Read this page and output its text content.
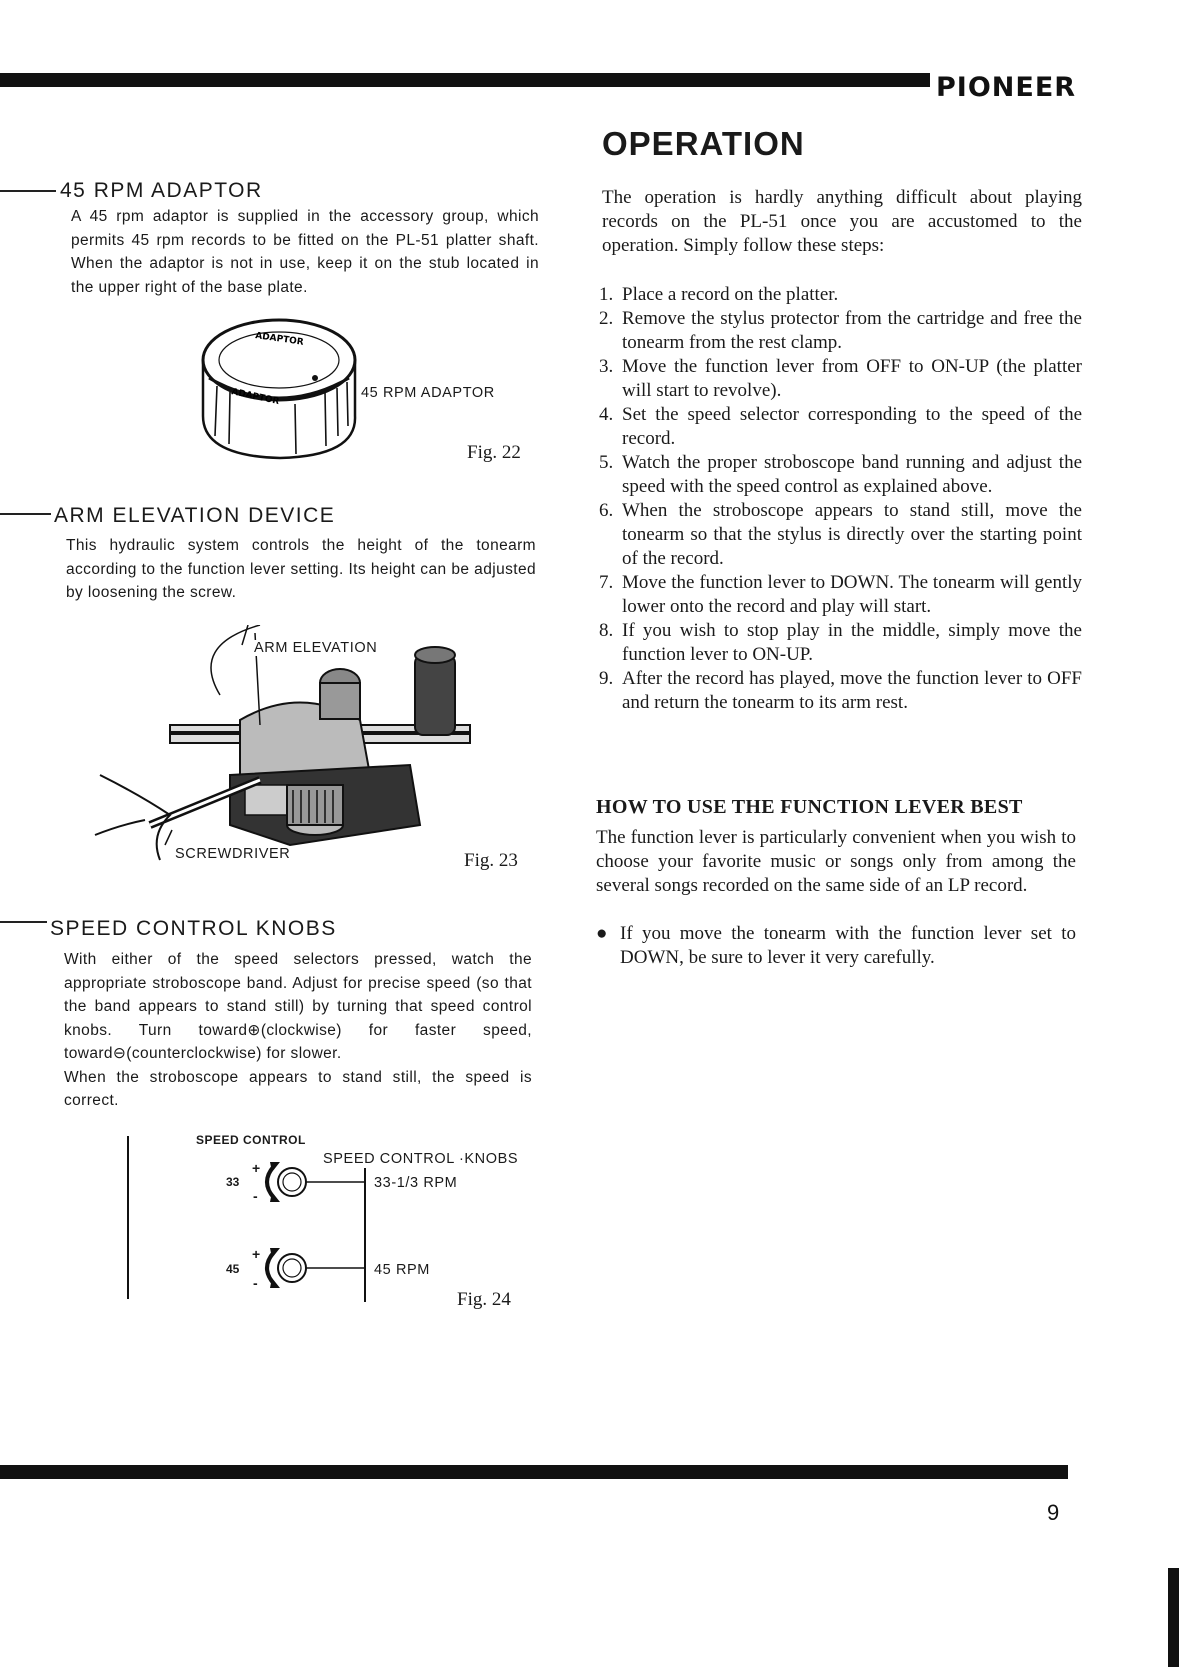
PIONEER
45 RPM ADAPTOR

A 45 rpm adaptor is supplied in the accessory group, which permits 45 rpm records to be fitted on the PL-51 platter shaft. When the adaptor is not in use, keep it on the stub located in the upper right of the base plate.

ADAPTOR
ADAPTOR	45 RPM ADAPTOR
Fig. 22
ARM ELEVATION DEVICE

This hydraulic system controls the height of the tonearm according to the function lever setting. Its height can be adjusted by loosening the screw.

ARM ELEVATION
SCREWDRIVER	Fig. 23
SPEED CONTROL KNOBS

With either of the speed selectors pressed, watch the appropriate stroboscope band. Adjust for precise speed (so that the band appears to stand still) by turning that speed control knobs. Turn toward⊕(clockwise) for faster speed, toward⊖(counterclockwise) for slower.

When the stroboscope appears to stand still, the speed is correct.

SPEED CONTROL
SPEED CONTROL ·KNOBS
33
+
-
33-1/3 RPM
45
+
-
45 RPM
Fig. 24
OPERATION

The operation is hardly anything difficult about playing records on the PL-51 once you are accustomed to the operation. Simply follow these steps:

1. Place a record on the platter.
2. Remove the stylus protector from the cartridge and free the tonearm from the rest clamp.
3. Move the function lever from OFF to ON-UP (the platter will start to revolve).
4. Set the speed selector corresponding to the speed of the record.
5. Watch the proper stroboscope band running and adjust the speed with the speed control as explained above.
6. When the stroboscope appears to stand still, move the tonearm so that the stylus is directly over the starting point of the record.
7. Move the function lever to DOWN. The tonearm will gently lower onto the record and play will start.
8. If you wish to stop play in the middle, simply move the function lever to ON-UP.
9. After the record has played, move the function lever to OFF and return the tonearm to its arm rest.
HOW TO USE THE FUNCTION LEVER BEST

The function lever is particularly convenient when you wish to choose your favorite music or songs only from among the several songs recorded on the same side of an LP record.

● If you move the tonearm with the function lever set to DOWN, be sure to lever it very carefully.
9
